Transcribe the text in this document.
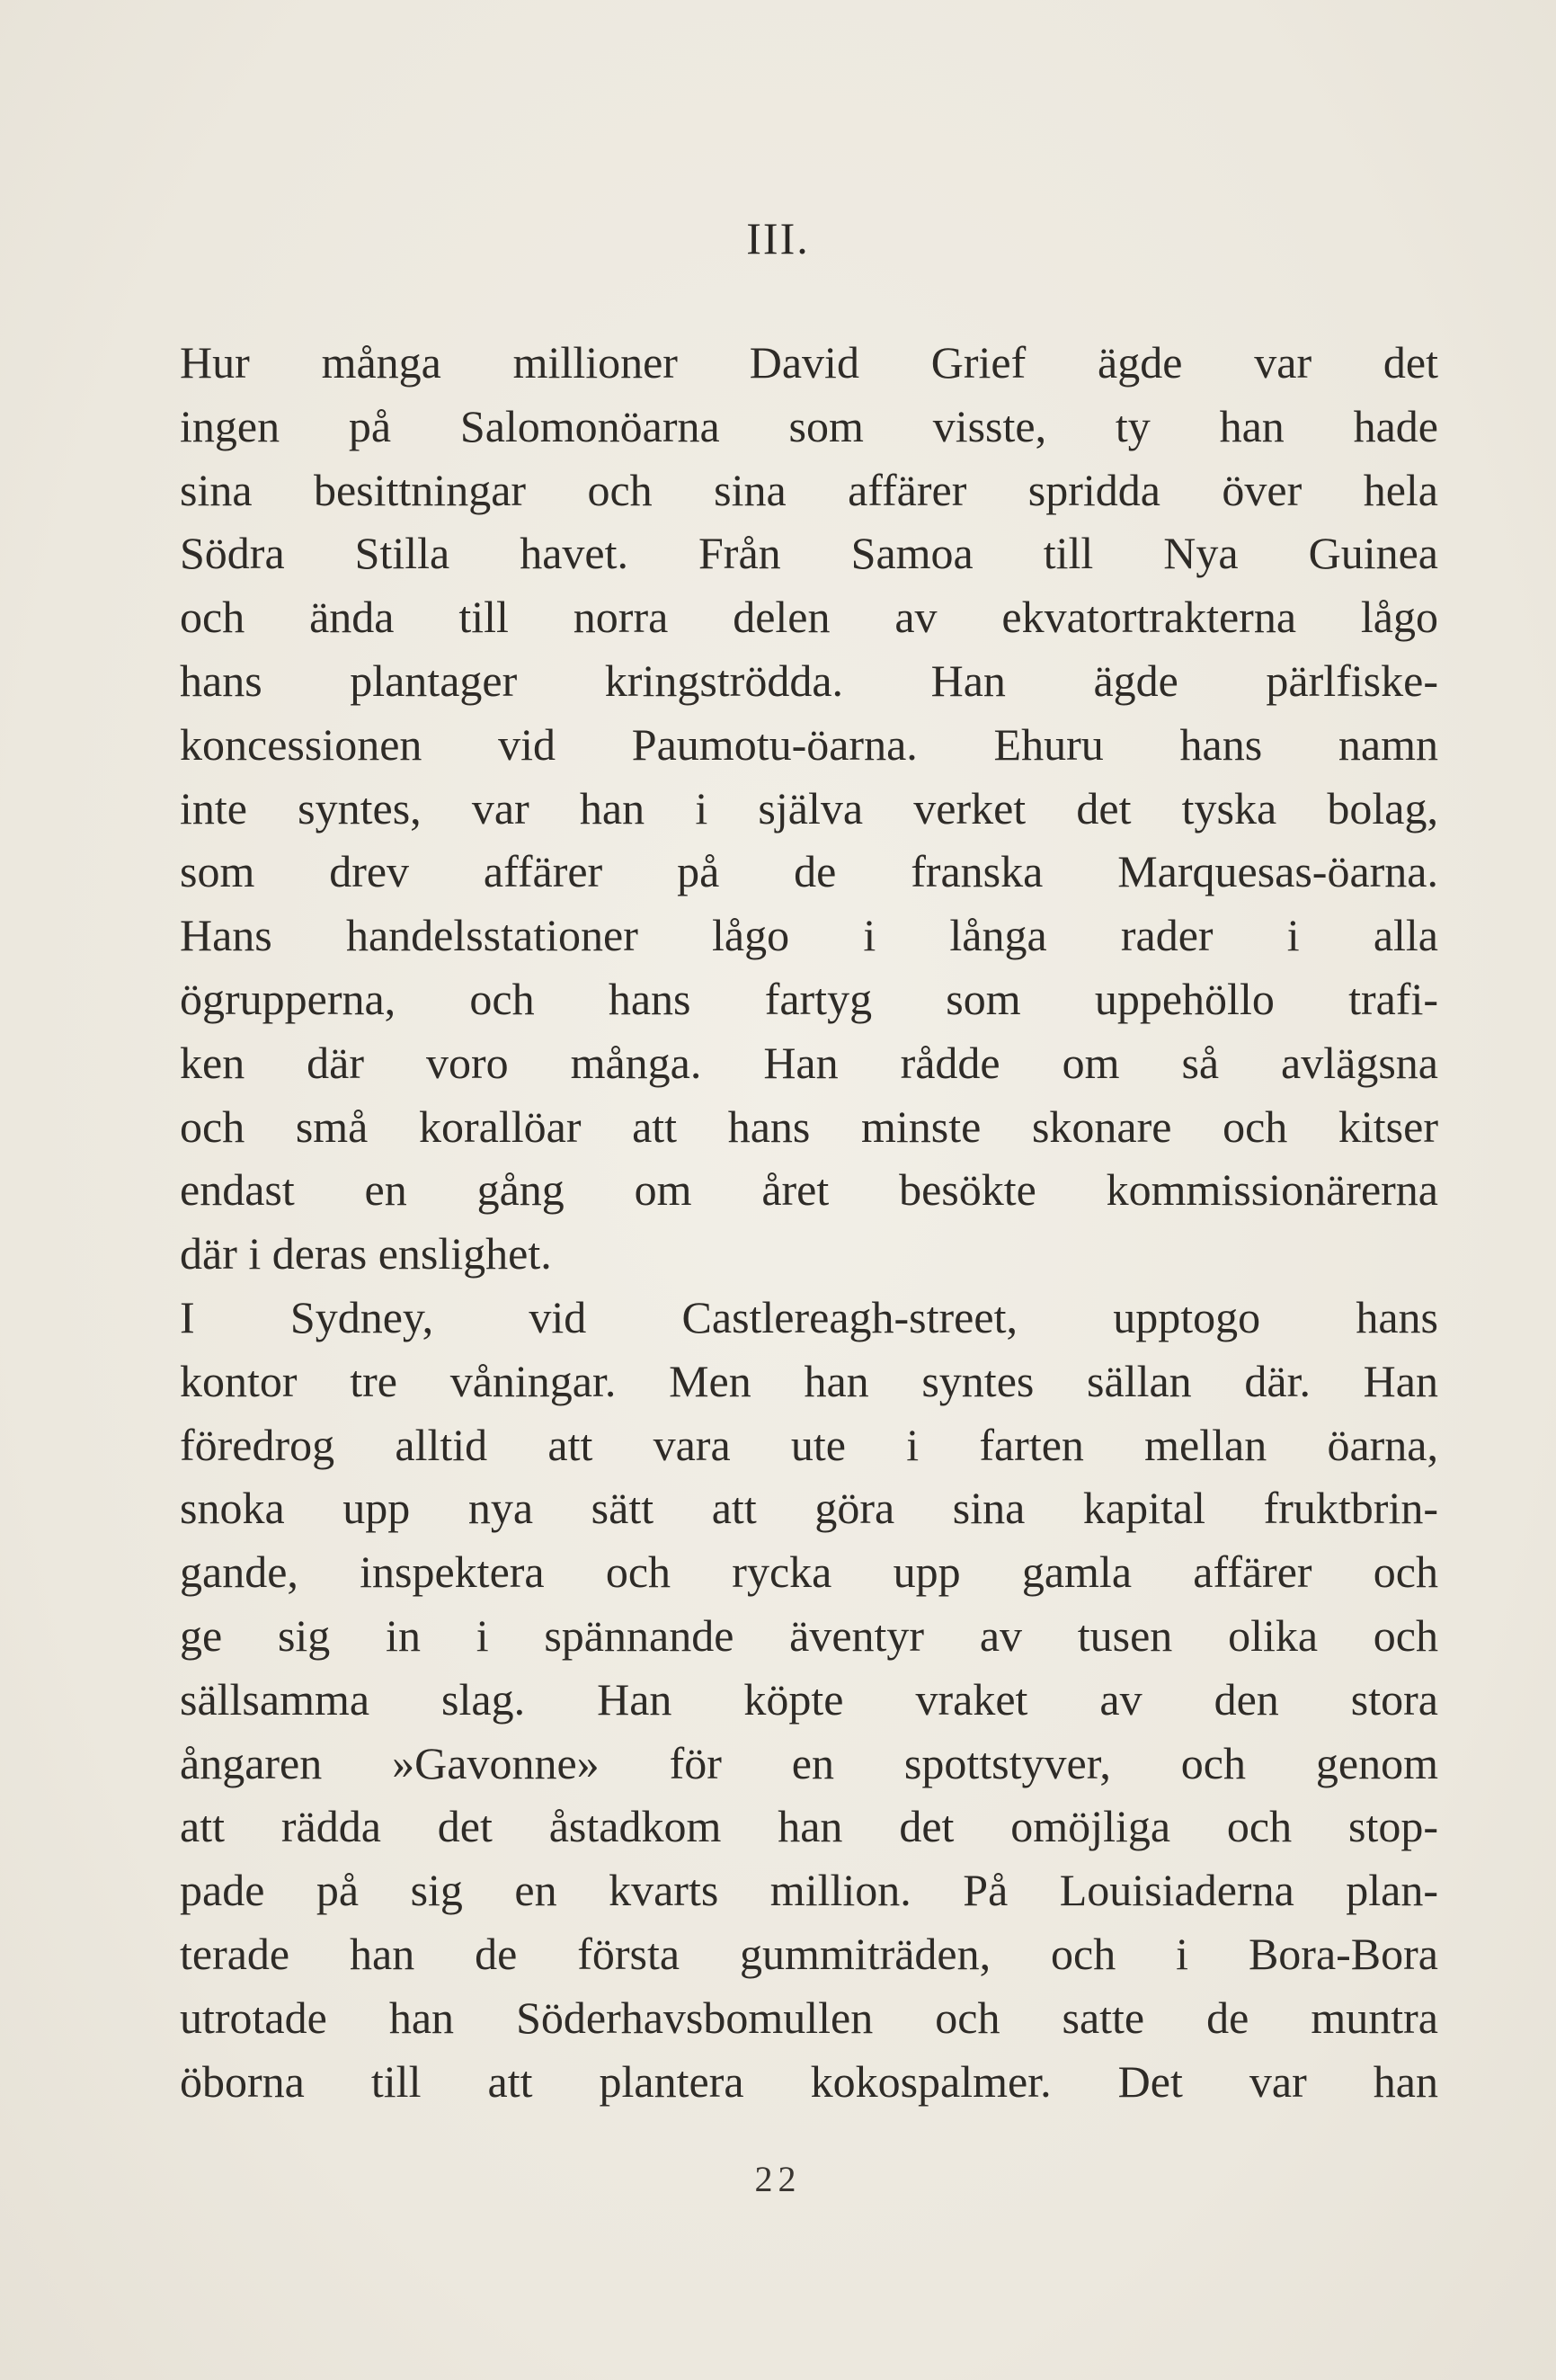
III.
Hur många millioner David Grief ägde var det
ingen på Salomonöarna som visste, ty han hade
sina besittningar och sina affärer spridda över hela
Södra Stilla havet. Från Samoa till Nya Guinea
och ända till norra delen av ekvatortrakterna lågo
hans plantager kringströdda. Han ägde pärlfiske-
koncessionen vid Paumotu-öarna. Ehuru hans namn
inte syntes, var han i själva verket det tyska bolag,
som drev affärer på de franska Marquesas-öarna.
Hans handelsstationer lågo i långa rader i alla
ögrupperna, och hans fartyg som uppehöllo trafi-
ken där voro många. Han rådde om så avlägsna
och små korallöar att hans minste skonare och kitser
endast en gång om året besökte kommissionärerna
där i deras enslighet.
I Sydney, vid Castlereagh-street, upptogo hans
kontor tre våningar. Men han syntes sällan där. Han
föredrog alltid att vara ute i farten mellan öarna,
snoka upp nya sätt att göra sina kapital fruktbrin-
gande, inspektera och rycka upp gamla affärer och
ge sig in i spännande äventyr av tusen olika och
sällsamma slag. Han köpte vraket av den stora
ångaren »Gavonne» för en spottstyver, och genom
att rädda det åstadkom han det omöjliga och stop-
pade på sig en kvarts million. På Louisiaderna plan-
terade han de första gummiträden, och i Bora-Bora
utrotade han Söderhavsbomullen och satte de muntra
öborna till att plantera kokospalmer. Det var han
22
